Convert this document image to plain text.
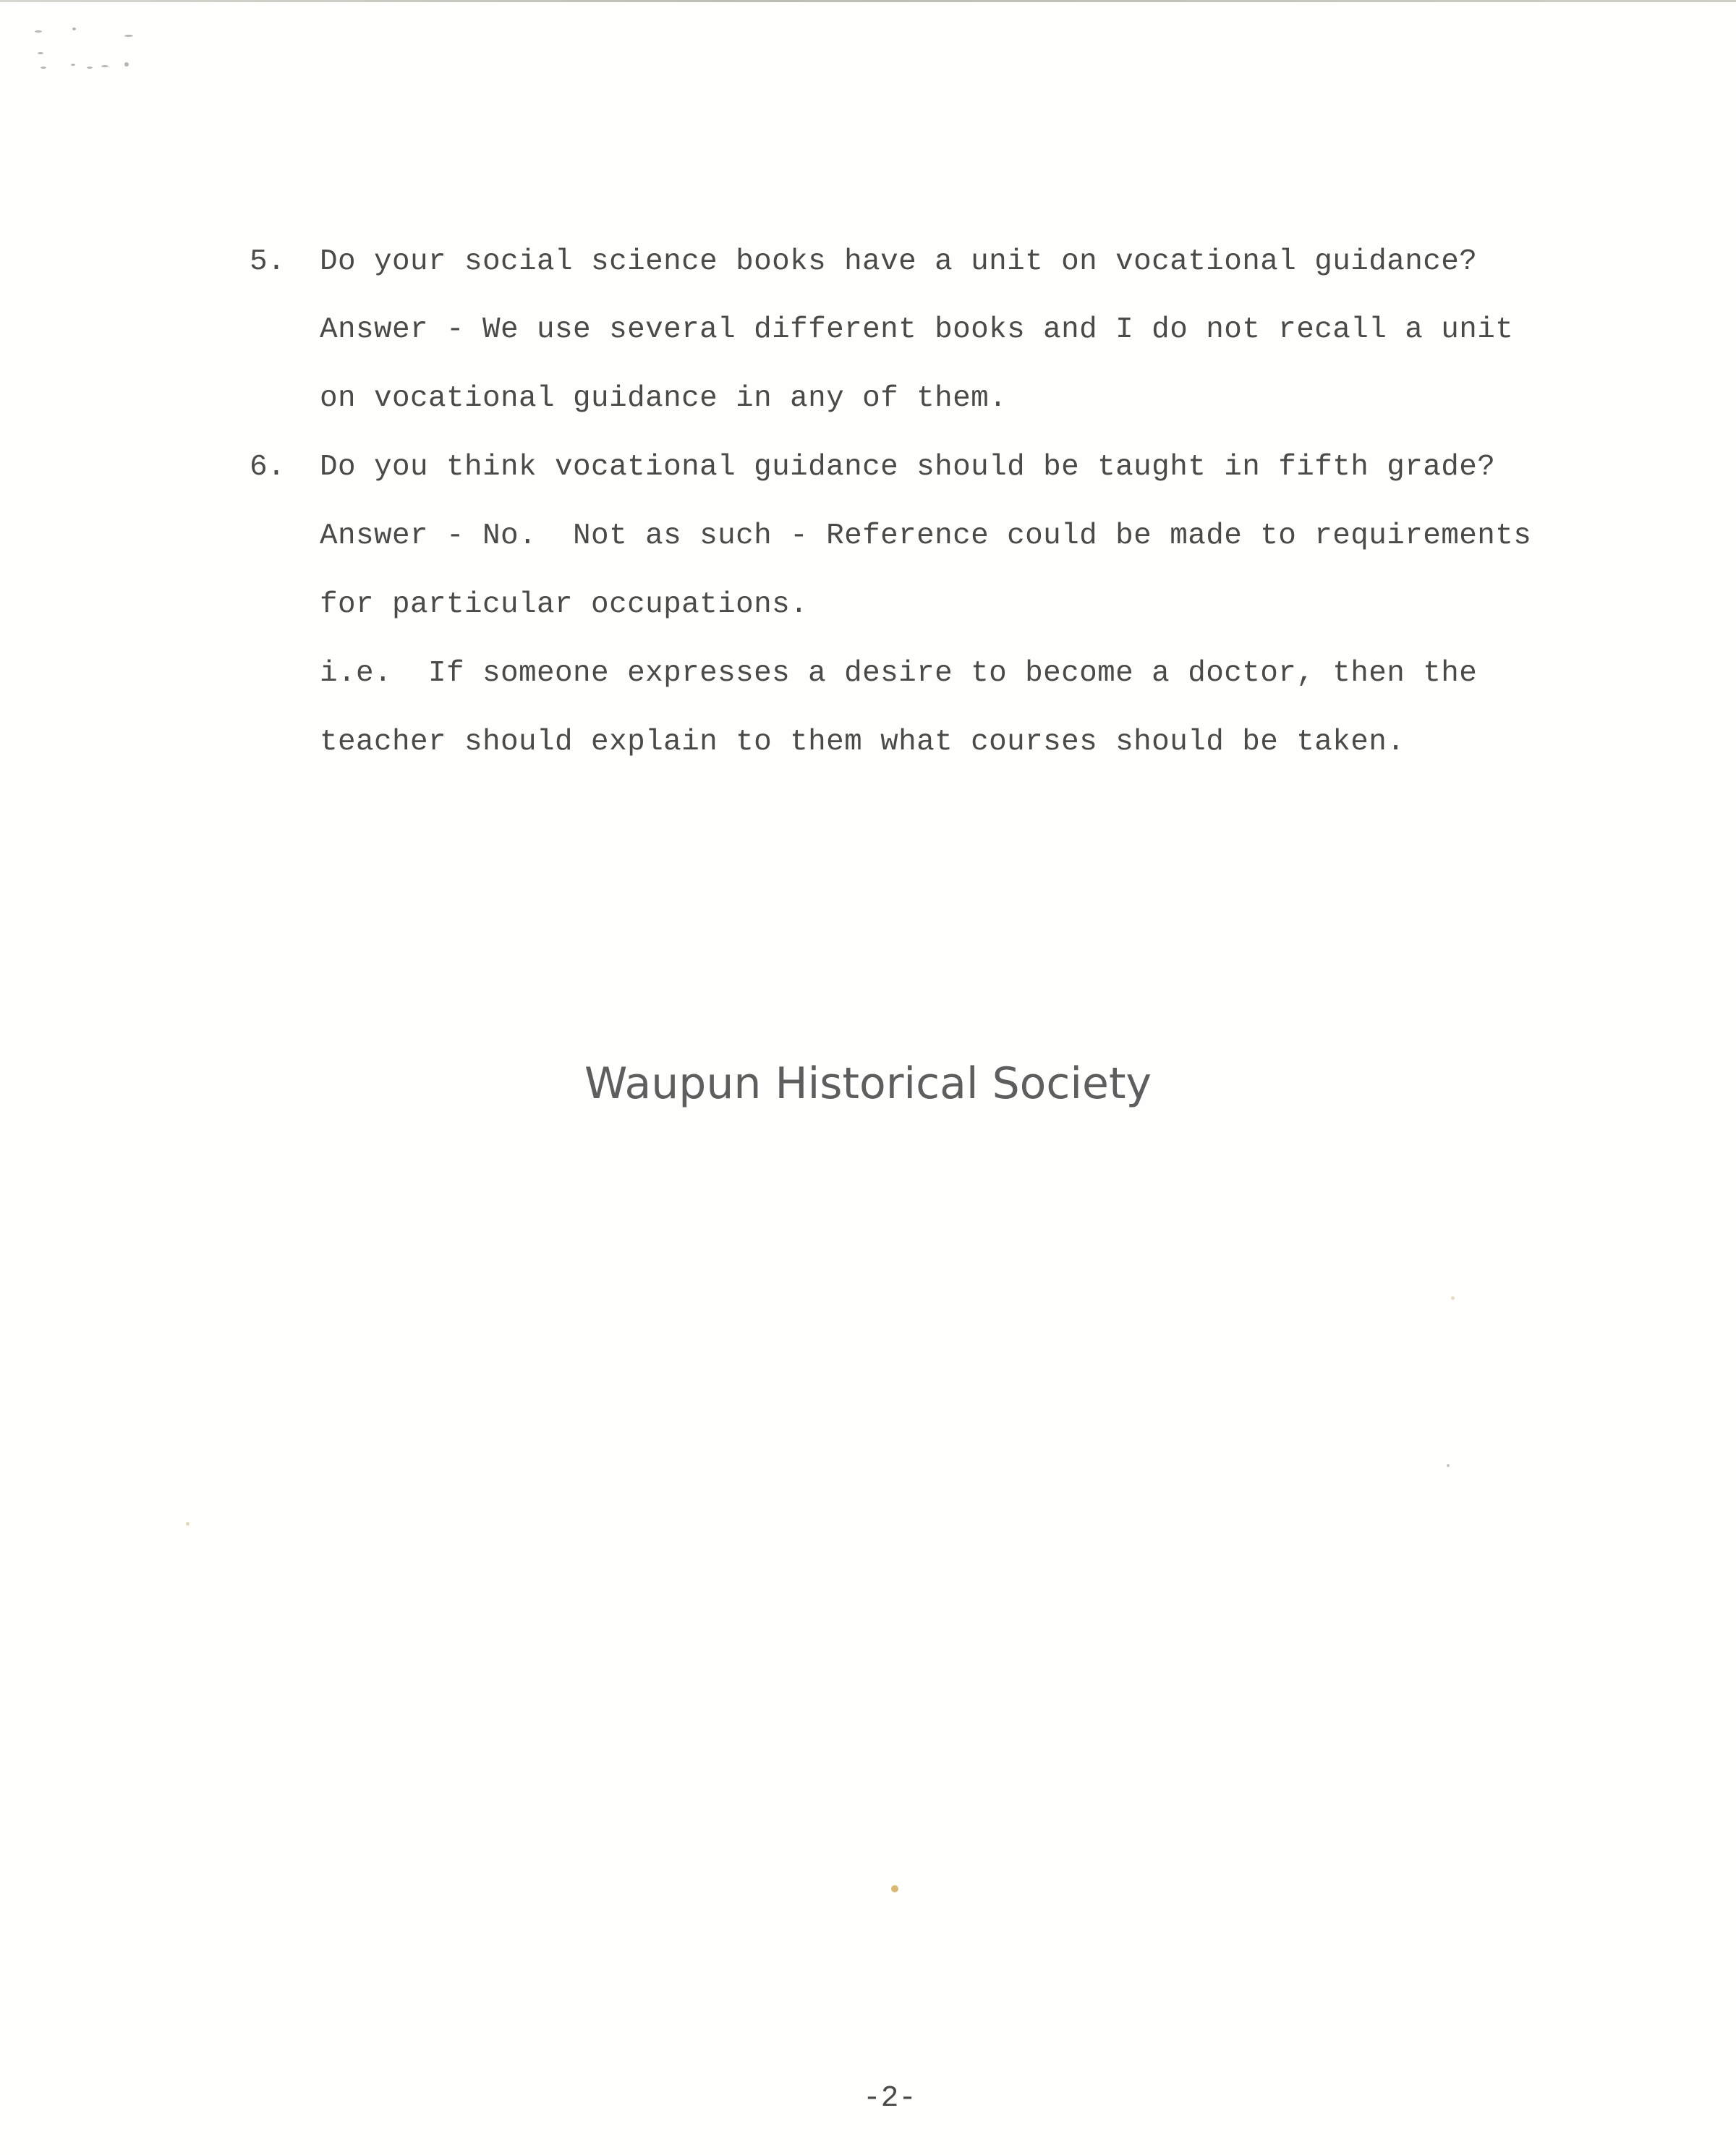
5. Do your social science books have a unit on vocational guidance?
Answer - We use several different books and I do not recall a unit
on vocational guidance in any of them.
6. Do you think vocational guidance should be taught in fifth grade?
Answer - No.  Not as such - Reference could be made to requirements
for particular occupations.
i.e.  If someone expresses a desire to become a doctor, then the
teacher should explain to them what courses should be taken.
Waupun Historical Society
-2-
